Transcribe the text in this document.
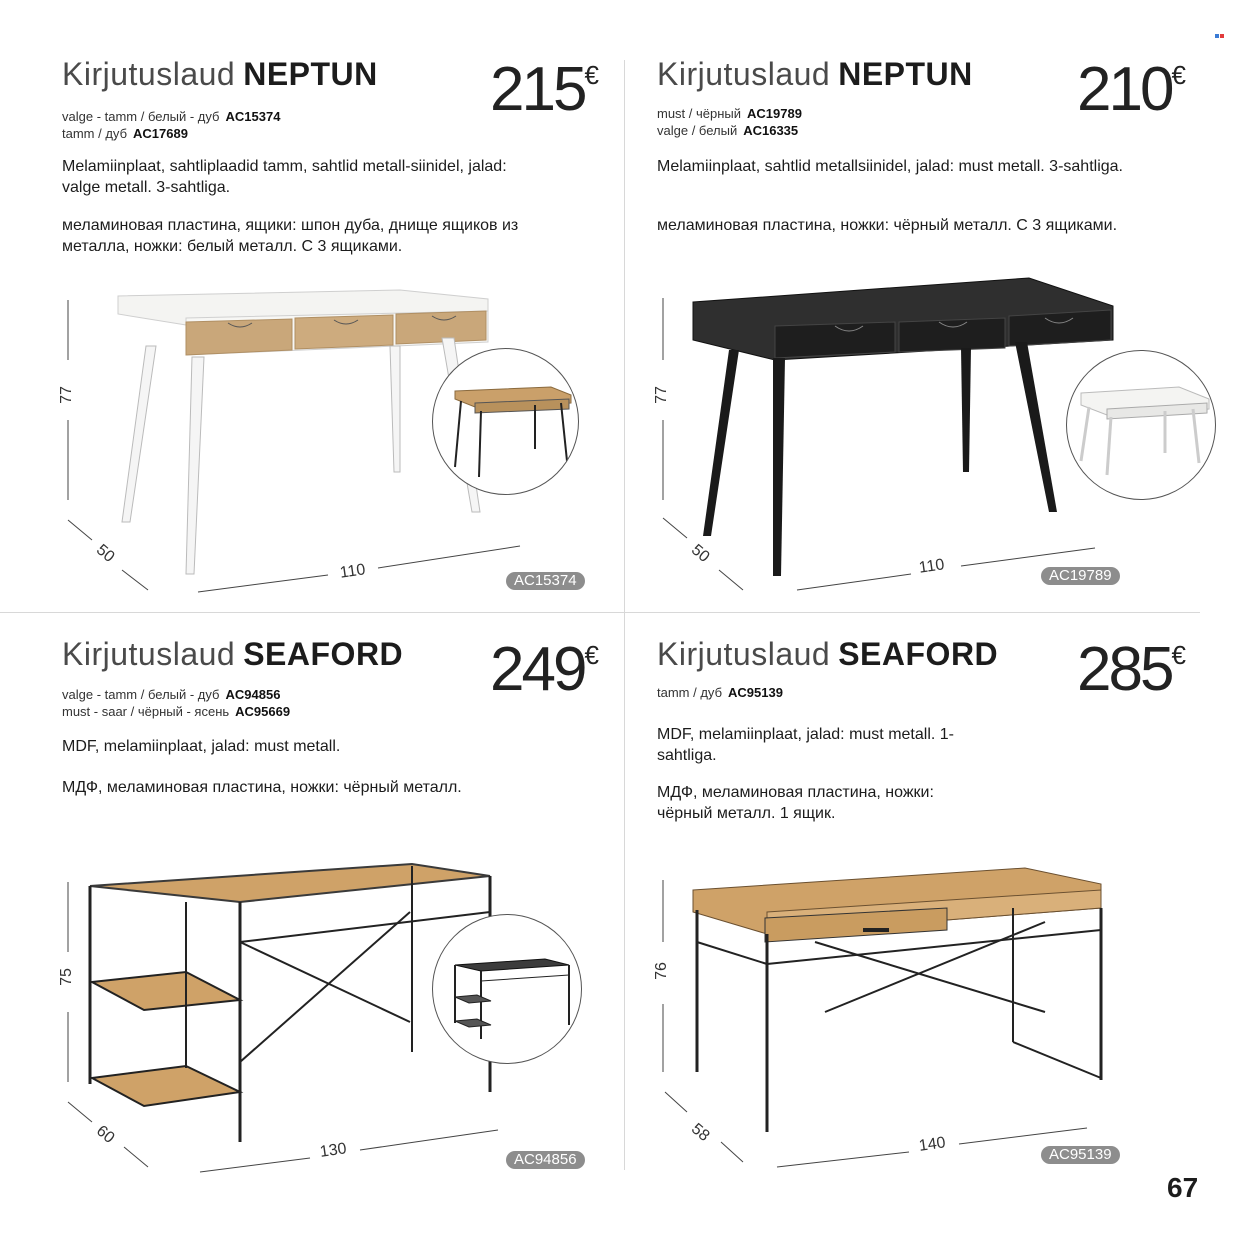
Kirjutuslaud NEPTUN 215€
valge - tamm / белый - дуб AC15374
tamm / дуб AC17689
Melamiinplaat, sahtliplaadid tamm, sahtlid metall-siinidel, jalad: valge metall. 3-sahtliga.
меламиновая пластина, ящики: шпон дуба, днище ящиков из металла, ножки: белый металл. С 3 ящиками.
77
50
110	AC15374
Kirjutuslaud NEPTUN 210€
must / чёрный AC19789
valge / белый AC16335
Melamiinplaat, sahtlid metallsiinidel, jalad: must metall. 3-sahtliga.
меламиновая пластина, ножки: чёрный металл. С 3 ящиками.
77
50
110	AC19789
Kirjutuslaud SEAFORD 249€
valge - tamm / белый - дуб AC94856
must - saar / чёрный - ясень AC95669
MDF, melamiinplaat, jalad: must metall.
МДФ, меламиновая пластина, ножки: чёрный металл.
75
60
130	AC94856
Kirjutuslaud SEAFORD 285€
tamm / дуб AC95139
MDF, melamiinplaat, jalad: must metall. 1-sahtliga.
МДФ, меламиновая пластина, ножки: чёрный металл. 1 ящик.
76
58	140	AC95139
67
